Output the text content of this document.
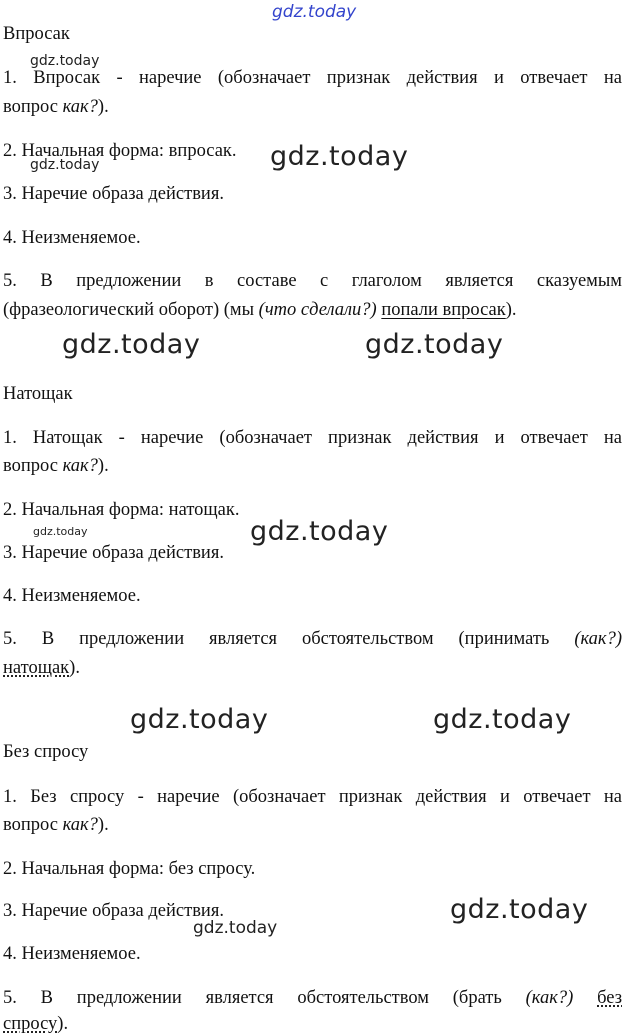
gdz.today
gdz.today
gdz.today
gdz.today
gdz.today	gdz.today
gdz.today	gdz.today
gdz.today	gdz.today
gdz.today
gdz.today
Впросак
1. Впросак - наречие (обозначает признак действия и отвечает на
вопрос как?).
2. Начальная форма: впросак.
3. Наречие образа действия.
4. Неизменяемое.
5. В предложении в составе с глаголом является сказуемым
(фразеологический оборот) (мы (что сделали?) попали впросак).
Натощак
1. Натощак - наречие (обозначает признак действия и отвечает на
вопрос как?).
2. Начальная форма: натощак.
3. Наречие образа действия.
4. Неизменяемое.
5. В предложении является обстоятельством (принимать (как?)
натощак).
Без спросу
1. Без спросу - наречие (обозначает признак действия и отвечает на
вопрос как?).
2. Начальная форма: без спросу.
3. Наречие образа действия.
4. Неизменяемое.
5. В предложении является обстоятельством (брать (как?) без
спросу).
